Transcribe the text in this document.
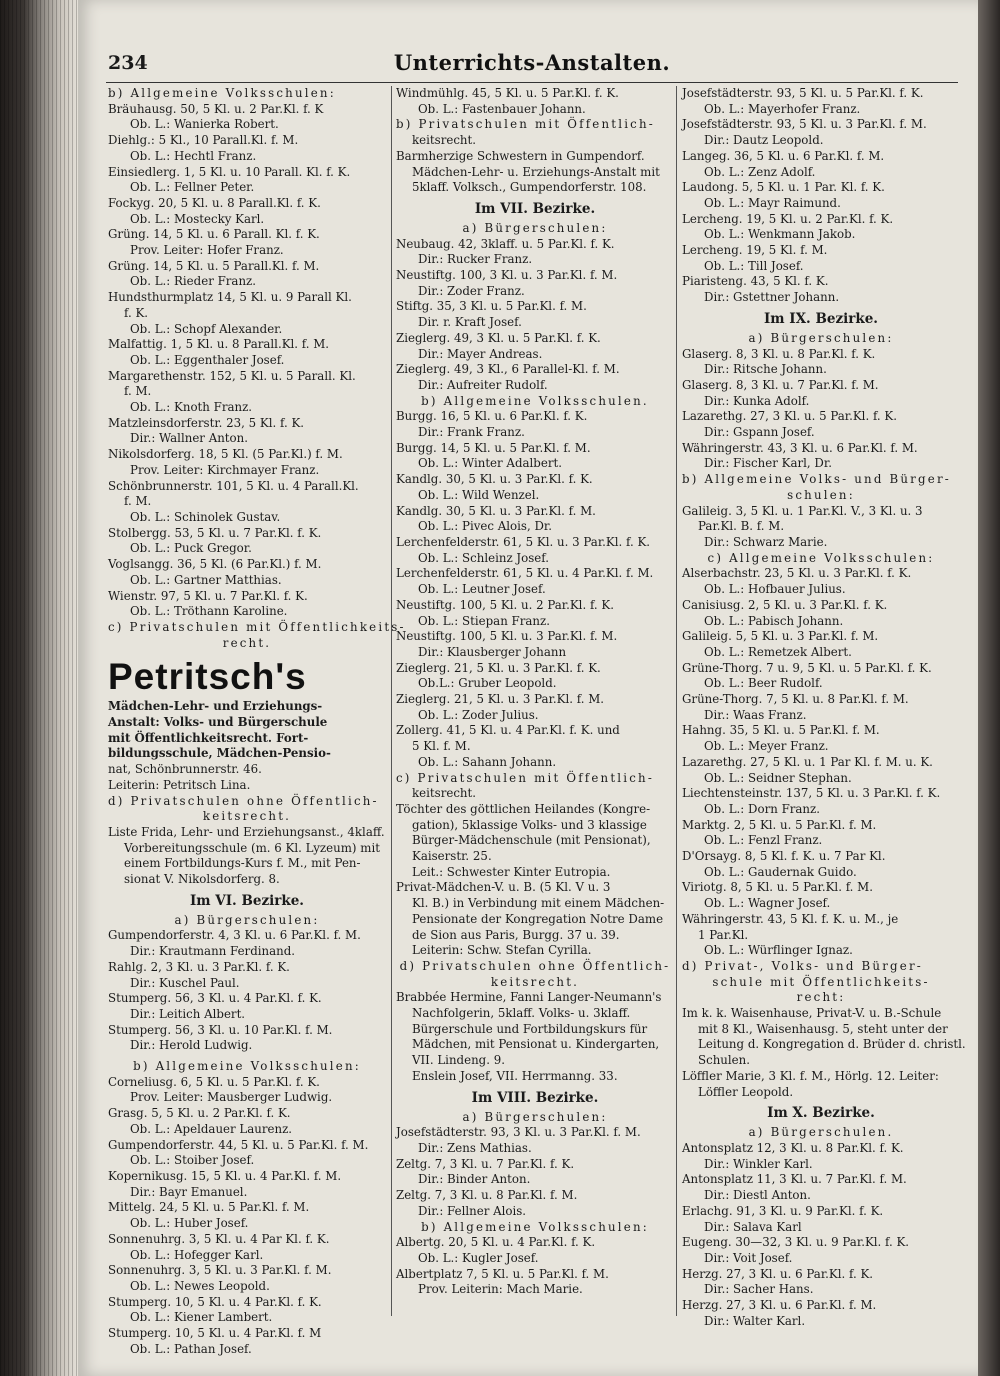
234	Unterrichts-Anstalten.
b) Allgemeine Volksschulen:
Bräuhausg. 50, 5 Kl. u. 2 Par.Kl. f. K
Ob. L.: Wanierka Robert.
Diehlg.: 5 Kl., 10 Parall.Kl. f. M.
Ob. L.: Hechtl Franz.
Einsiedlerg. 1, 5 Kl. u. 10 Parall. Kl. f. K.
Ob. L.: Fellner Peter.
Fockyg. 20, 5 Kl. u. 8 Parall.Kl. f. K.
Ob. L.: Mostecky Karl.
Grüng. 14, 5 Kl. u. 6 Parall. Kl. f. K.
Prov. Leiter: Hofer Franz.
Grüng. 14, 5 Kl. u. 5 Parall.Kl. f. M.
Ob. L.: Rieder Franz.
Hundsthurmplatz 14, 5 Kl. u. 9 Parall Kl.
f. K.
Ob. L.: Schopf Alexander.
Malfattig. 1, 5 Kl. u. 8 Parall.Kl. f. M.
Ob. L.: Eggenthaler Josef.
Margarethenstr. 152, 5 Kl. u. 5 Parall. Kl.
f. M.
Ob. L.: Knoth Franz.
Matzleinsdorferstr. 23, 5 Kl. f. K.
Dir.: Wallner Anton.
Nikolsdorferg. 18, 5 Kl. (5 Par.Kl.) f. M.
Prov. Leiter: Kirchmayer Franz.
Schönbrunnerstr. 101, 5 Kl. u. 4 Parall.Kl.
f. M.
Ob. L.: Schinolek Gustav.
Stolbergg. 53, 5 Kl. u. 7 Par.Kl. f. K.
Ob. L.: Puck Gregor.
Voglsangg. 36, 5 Kl. (6 Par.Kl.) f. M.
Ob. L.: Gartner Matthias.
Wienstr. 97, 5 Kl. u. 7 Par.Kl. f. K.
Ob. L.: Tröthann Karoline.
c) Privatschulen mit Öffentlichkeits-
recht.
Petritsch's
Mädchen-Lehr- und Erziehungs-
Anstalt: Volks- und Bürgerschule
mit Öffentlichkeitsrecht. Fort-
bildungsschule, Mädchen-Pensio-
nat, Schönbrunnerstr. 46.
Leiterin: Petritsch Lina.
d) Privatschulen ohne Öffentlich-
keitsrecht.
Liste Frida, Lehr- und Erziehungsanst., 4klaff.
Vorbereitungsschule (m. 6 Kl. Lyzeum) mit
einem Fortbildungs-Kurs f. M., mit Pen-
sionat V. Nikolsdorferg. 8.
Im VI. Bezirke.
a) Bürgerschulen:
Gumpendorferstr. 4, 3 Kl. u. 6 Par.Kl. f. M.
Dir.: Krautmann Ferdinand.
Rahlg. 2, 3 Kl. u. 3 Par.Kl. f. K.
Dir.: Kuschel Paul.
Stumperg. 56, 3 Kl. u. 4 Par.Kl. f. K.
Dir.: Leitich Albert.
Stumperg. 56, 3 Kl. u. 10 Par.Kl. f. M.
Dir.: Herold Ludwig.
b) Allgemeine Volksschulen:
Corneliusg. 6, 5 Kl. u. 5 Par.Kl. f. K.
Prov. Leiter: Mausberger Ludwig.
Grasg. 5, 5 Kl. u. 2 Par.Kl. f. K.
Ob. L.: Apeldauer Laurenz.
Gumpendorferstr. 44, 5 Kl. u. 5 Par.Kl. f. M.
Ob. L.: Stoiber Josef.
Kopernikusg. 15, 5 Kl. u. 4 Par.Kl. f. M.
Dir.: Bayr Emanuel.
Mittelg. 24, 5 Kl. u. 5 Par.Kl. f. M.
Ob. L.: Huber Josef.
Sonnenuhrg. 3, 5 Kl. u. 4 Par Kl. f. K.
Ob. L.: Hofegger Karl.
Sonnenuhrg. 3, 5 Kl. u. 3 Par.Kl. f. M.
Ob. L.: Newes Leopold.
Stumperg. 10, 5 Kl. u. 4 Par.Kl. f. K.
Ob. L.: Kiener Lambert.
Stumperg. 10, 5 Kl. u. 4 Par.Kl. f. M
Ob. L.: Pathan Josef.
Windmühlg. 45, 5 Kl. u. 5 Par.Kl. f. K.
Ob. L.: Fastenbauer Johann.
b) Privatschulen mit Öffentlich-
keitsrecht.
Barmherzige Schwestern in Gumpendorf.
Mädchen-Lehr- u. Erziehungs-Anstalt mit
5klaff. Volksch., Gumpendorferstr. 108.
Im VII. Bezirke.
a) Bürgerschulen:
Neubaug. 42, 3klaff. u. 5 Par.Kl. f. K.
Dir.: Rucker Franz.
Neustiftg. 100, 3 Kl. u. 3 Par.Kl. f. M.
Dir.: Zoder Franz.
Stiftg. 35, 3 Kl. u. 5 Par.Kl. f. M.
Dir. r. Kraft Josef.
Zieglerg. 49, 3 Kl. u. 5 Par.Kl. f. K.
Dir.: Mayer Andreas.
Zieglerg. 49, 3 Kl., 6 Parallel-Kl. f. M.
Dir.: Aufreiter Rudolf.
b) Allgemeine Volksschulen.
Burgg. 16, 5 Kl. u. 6 Par.Kl. f. K.
Dir.: Frank Franz.
Burgg. 14, 5 Kl. u. 5 Par.Kl. f. M.
Ob. L.: Winter Adalbert.
Kandlg. 30, 5 Kl. u. 3 Par.Kl. f. K.
Ob. L.: Wild Wenzel.
Kandlg. 30, 5 Kl. u. 3 Par.Kl. f. M.
Ob. L.: Pivec Alois, Dr.
Lerchenfelderstr. 61, 5 Kl. u. 3 Par.Kl. f. K.
Ob. L.: Schleinz Josef.
Lerchenfelderstr. 61, 5 Kl. u. 4 Par.Kl. f. M.
Ob. L.: Leutner Josef.
Neustiftg. 100, 5 Kl. u. 2 Par.Kl. f. K.
Ob. L.: Stiepan Franz.
Neustiftg. 100, 5 Kl. u. 3 Par.Kl. f. M.
Dir.: Klausberger Johann
Zieglerg. 21, 5 Kl. u. 3 Par.Kl. f. K.
Ob.L.: Gruber Leopold.
Zieglerg. 21, 5 Kl. u. 3 Par.Kl. f. M.
Ob. L.: Zoder Julius.
Zollerg. 41, 5 Kl. u. 4 Par.Kl. f. K. und
5 Kl. f. M.
Ob. L.: Sahann Johann.
c) Privatschulen mit Öffentlich-
keitsrecht.
Töchter des göttlichen Heilandes (Kongre-
gation), 5klassige Volks- und 3 klassige
Bürger-Mädchenschule (mit Pensionat),
Kaiserstr. 25.
Leit.: Schwester Kinter Eutropia.
Privat-Mädchen-V. u. B. (5 Kl. V u. 3
Kl. B.) in Verbindung mit einem Mädchen-
Pensionate der Kongregation Notre Dame
de Sion aus Paris, Burgg. 37 u. 39.
Leiterin: Schw. Stefan Cyrilla.
d) Privatschulen ohne Öffentlich-
keitsrecht.
Brabbée Hermine, Fanni Langer-Neumann's
Nachfolgerin, 5klaff. Volks- u. 3klaff.
Bürgerschule und Fortbildungskurs für
Mädchen, mit Pensionat u. Kindergarten,
VII. Lindeng. 9.
Enslein Josef, VII. Herrmanng. 33.
Im VIII. Bezirke.
a) Bürgerschulen:
Josefstädterstr. 93, 3 Kl. u. 3 Par.Kl. f. M.
Dir.: Zens Mathias.
Zeltg. 7, 3 Kl. u. 7 Par.Kl. f. K.
Dir.: Binder Anton.
Zeltg. 7, 3 Kl. u. 8 Par.Kl. f. M.
Dir.: Fellner Alois.
b) Allgemeine Volksschulen:
Albertg. 20, 5 Kl. u. 4 Par.Kl. f. K.
Ob. L.: Kugler Josef.
Albertplatz 7, 5 Kl. u. 5 Par.Kl. f. M.
Prov. Leiterin: Mach Marie.
Josefstädterstr. 93, 5 Kl. u. 5 Par.Kl. f. K.
Ob. L.: Mayerhofer Franz.
Josefstädterstr. 93, 5 Kl. u. 3 Par.Kl. f. M.
Dir.: Dautz Leopold.
Langeg. 36, 5 Kl. u. 6 Par.Kl. f. M.
Ob. L.: Zenz Adolf.
Laudong. 5, 5 Kl. u. 1 Par. Kl. f. K.
Ob. L.: Mayr Raimund.
Lercheng. 19, 5 Kl. u. 2 Par.Kl. f. K.
Ob. L.: Wenkmann Jakob.
Lercheng. 19, 5 Kl. f. M.
Ob. L.: Till Josef.
Piaristeng. 43, 5 Kl. f. K.
Dir.: Gstettner Johann.
Im IX. Bezirke.
a) Bürgerschulen:
Glaserg. 8, 3 Kl. u. 8 Par.Kl. f. K.
Dir.: Ritsche Johann.
Glaserg. 8, 3 Kl. u. 7 Par.Kl. f. M.
Dir.: Kunka Adolf.
Lazarethg. 27, 3 Kl. u. 5 Par.Kl. f. K.
Dir.: Gspann Josef.
Währingerstr. 43, 3 Kl. u. 6 Par.Kl. f. M.
Dir.: Fischer Karl, Dr.
b) Allgemeine Volks- und Bürger-
schulen:
Galileig. 3, 5 Kl. u. 1 Par.Kl. V., 3 Kl. u. 3
Par.Kl. B. f. M.
Dir.: Schwarz Marie.
c) Allgemeine Volksschulen:
Alserbachstr. 23, 5 Kl. u. 3 Par.Kl. f. K.
Ob. L.: Hofbauer Julius.
Canisiusg. 2, 5 Kl. u. 3 Par.Kl. f. K.
Ob. L.: Pabisch Johann.
Galileig. 5, 5 Kl. u. 3 Par.Kl. f. M.
Ob. L.: Remetzek Albert.
Grüne-Thorg. 7 u. 9, 5 Kl. u. 5 Par.Kl. f. K.
Ob. L.: Beer Rudolf.
Grüne-Thorg. 7, 5 Kl. u. 8 Par.Kl. f. M.
Dir.: Waas Franz.
Hahng. 35, 5 Kl. u. 5 Par.Kl. f. M.
Ob. L.: Meyer Franz.
Lazarethg. 27, 5 Kl. u. 1 Par Kl. f. M. u. K.
Ob. L.: Seidner Stephan.
Liechtensteinstr. 137, 5 Kl. u. 3 Par.Kl. f. K.
Ob. L.: Dorn Franz.
Marktg. 2, 5 Kl. u. 5 Par.Kl. f. M.
Ob. L.: Fenzl Franz.
D'Orsayg. 8, 5 Kl. f. K. u. 7 Par Kl.
Ob. L.: Gaudernak Guido.
Viriotg. 8, 5 Kl. u. 5 Par.Kl. f. M.
Ob. L.: Wagner Josef.
Währingerstr. 43, 5 Kl. f. K. u. M., je
1 Par.Kl.
Ob. L.: Würflinger Ignaz.
d) Privat-, Volks- und Bürger-
schule mit Öffentlichkeits-
recht:
Im k. k. Waisenhause, Privat-V. u. B.-Schule
mit 8 Kl., Waisenhausg. 5, steht unter der
Leitung d. Kongregation d. Brüder d. christl.
Schulen.
Löffler Marie, 3 Kl. f. M., Hörlg. 12. Leiter:
Löffler Leopold.
Im X. Bezirke.
a) Bürgerschulen.
Antonsplatz 12, 3 Kl. u. 8 Par.Kl. f. K.
Dir.: Winkler Karl.
Antonsplatz 11, 3 Kl. u. 7 Par.Kl. f. M.
Dir.: Diestl Anton.
Erlachg. 91, 3 Kl. u. 9 Par.Kl. f. K.
Dir.: Salava Karl
Eugeng. 30—32, 3 Kl. u. 9 Par.Kl. f. K.
Dir.: Voit Josef.
Herzg. 27, 3 Kl. u. 6 Par.Kl. f. K.
Dir.: Sacher Hans.
Herzg. 27, 3 Kl. u. 6 Par.Kl. f. M.
Dir.: Walter Karl.
